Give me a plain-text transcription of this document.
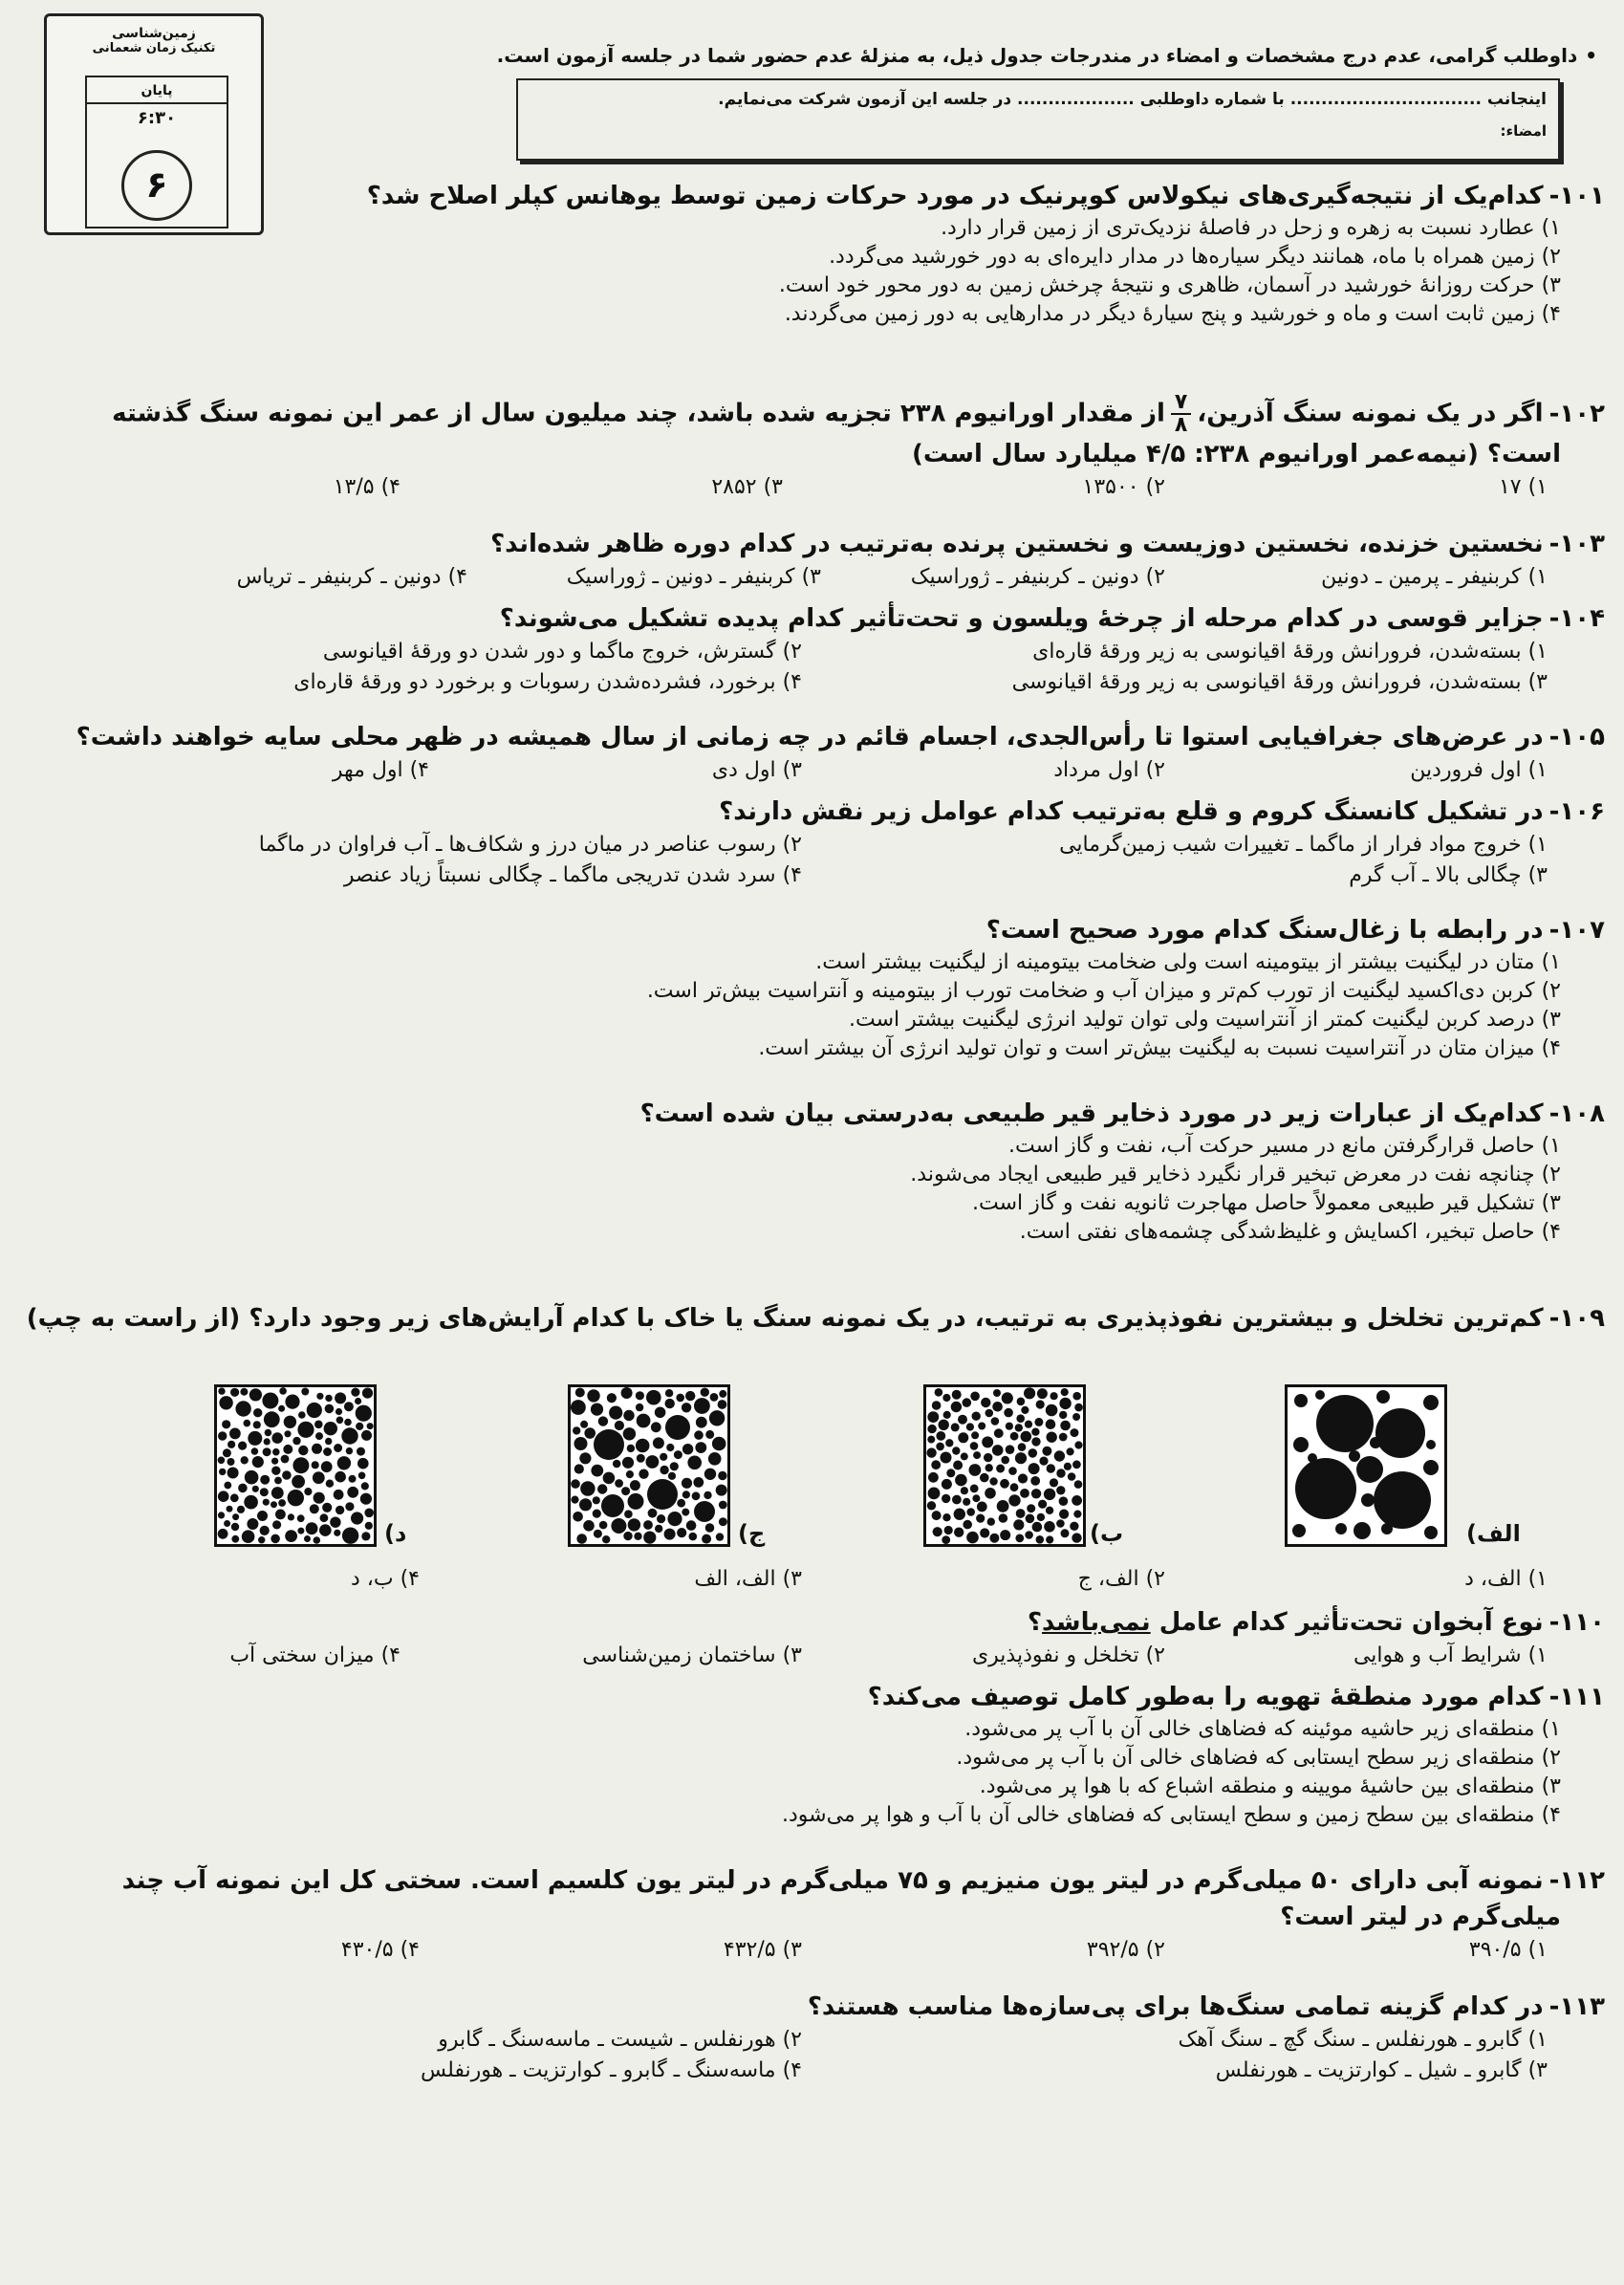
زمین‌شناسی
تکنیک زمان شعمانی
پایان
۶:۳۰
۶
•داوطلب گرامی، عدم درج مشخصات و امضاء در مندرجات جدول ذیل، به منزلهٔ عدم حضور شما در جلسه آزمون است.
اینجانب ............................... با شماره داوطلبی ................... در جلسه این آزمون شرکت می‌نمایم.
امضاء:
۱۰۱-کدام‌یک از نتیجه‌گیری‌های نیکولاس کوپرنیک در مورد حرکات زمین توسط یوهانس کپلر اصلاح شد؟
۱) عطارد نسبت به زهره و زحل در فاصلهٔ نزدیک‌تری از زمین قرار دارد.
۲) زمین همراه با ماه، همانند دیگر سیاره‌ها در مدار دایره‌ای به دور خورشید می‌گردد.
۳) حرکت روزانهٔ خورشید در آسمان، ظاهری و نتیجهٔ چرخش زمین به دور محور خود است.
۴) زمین ثابت است و ماه و خورشید و پنج سیارهٔ دیگر در مدارهایی به دور زمین می‌گردند.
۱۰۲-اگر در یک نمونه سنگ آذرین،
$\frac{۷}{۸}$
از مقدار اورانیوم ۲۳۸ تجزیه شده باشد، چند میلیون سال از عمر این نمونه سنگ گذشته
است؟ (نیمه‌عمر اورانیوم ۲۳۸: ۴/۵ میلیارد سال است)
۱) ۱۷
۲) ۱۳۵۰۰
۳) ۲۸۵۲
۴) ۱۳/۵
۱۰۳-نخستین خزنده، نخستین دوزیست و نخستین پرنده به‌ترتیب در کدام دوره ظاهر شده‌اند؟
۱) کربنیفر ـ پرمین ـ دونین
۲) دونین ـ کربنیفر ـ ژوراسیک
۳) کربنیفر ـ دونین ـ ژوراسیک
۴) دونین ـ کربنیفر ـ تریاس
۱۰۴-جزایر قوسی در کدام مرحله از چرخهٔ ویلسون و تحت‌تأثیر کدام پدیده تشکیل می‌شوند؟
۱) بسته‌شدن، فرورانش ورقهٔ اقیانوسی به زیر ورقهٔ قاره‌ای
۲) گسترش، خروج ماگما و دور شدن دو ورقهٔ اقیانوسی
۳) بسته‌شدن، فرورانش ورقهٔ اقیانوسی به زیر ورقهٔ اقیانوسی
۴) برخورد، فشرده‌شدن رسوبات و برخورد دو ورقهٔ قاره‌ای
۱۰۵-در عرض‌های جغرافیایی استوا تا رأس‌الجدی، اجسام قائم در چه زمانی از سال همیشه در ظهر محلی سایه خواهند داشت؟
۱) اول فروردین
۲) اول مرداد
۳) اول دی
۴) اول مهر
۱۰۶-در تشکیل کانسنگ کروم و قلع به‌ترتیب کدام عوامل زیر نقش دارند؟
۱) خروج مواد فرار از ماگما ـ تغییرات شیب زمین‌گرمایی
۲) رسوب عناصر در میان درز و شکاف‌ها ـ آب فراوان در ماگما
۳) چگالی بالا ـ آب گرم
۴) سرد شدن تدریجی ماگما ـ چگالی نسبتاً زیاد عنصر
۱۰۷-در رابطه با زغال‌سنگ کدام مورد صحیح است؟
۱) متان در لیگنیت بیشتر از بیتومینه است ولی ضخامت بیتومینه از لیگنیت بیشتر است.
۲) کربن دی‌اکسید لیگنیت از تورب کم‌تر و میزان آب و ضخامت تورب از بیتومینه و آنتراسیت بیش‌تر است.
۳) درصد کربن لیگنیت کمتر از آنتراسیت ولی توان تولید انرژی لیگنیت بیشتر است.
۴) میزان متان در آنتراسیت نسبت به لیگنیت بیش‌تر است و توان تولید انرژی آن بیشتر است.
۱۰۸-کدام‌یک از عبارات زیر در مورد ذخایر قیر طبیعی به‌درستی بیان شده است؟
۱) حاصل قرارگرفتن مانع در مسیر حرکت آب، نفت و گاز است.
۲) چنانچه نفت در معرض تبخیر قرار نگیرد ذخایر قیر طبیعی ایجاد می‌شوند.
۳) تشکیل قیر طبیعی معمولاً حاصل مهاجرت ثانویه نفت و گاز است.
۴) حاصل تبخیر، اکسایش و غلیظ‌شدگی چشمه‌های نفتی است.
۱۰۹-کم‌ترین تخلخل و بیشترین نفوذپذیری به ترتیب، در یک نمونه سنگ یا خاک با کدام آرایش‌های زیر وجود دارد؟ (از راست به چپ)
الف)
ب)
ج)
د)
۱) الف، د
۲) الف، ج
۳) الف، الف
۴) ب، د
۱۱۰-نوع آبخوان تحت‌تأثیر کدام عامل نمی‌باشد؟
۱) شرایط آب و هوایی
۲) تخلخل و نفوذپذیری
۳) ساختمان زمین‌شناسی
۴) میزان سختی آب
۱۱۱-کدام مورد منطقهٔ تهویه را به‌طور کامل توصیف می‌کند؟
۱) منطقه‌ای زیر حاشیه موئینه که فضاهای خالی آن با آب پر می‌شود.
۲) منطقه‌ای زیر سطح ایستابی که فضاهای خالی آن با آب پر می‌شود.
۳) منطقه‌ای بین حاشیهٔ مویینه و منطقه اشباع که با هوا پر می‌شود.
۴) منطقه‌ای بین سطح زمین و سطح ایستابی که فضاهای خالی آن با آب و هوا پر می‌شود.
۱۱۲-نمونه آبی دارای ۵۰ میلی‌گرم در لیتر یون منیزیم و ۷۵ میلی‌گرم در لیتر یون کلسیم است. سختی کل این نمونه آب چند
میلی‌گرم در لیتر است؟
۱) ۳۹۰/۵
۲) ۳۹۲/۵
۳) ۴۳۲/۵
۴) ۴۳۰/۵
۱۱۳-در کدام گزینه تمامی سنگ‌ها برای پی‌سازه‌ها مناسب هستند؟
۱) گابرو ـ هورنفلس ـ سنگ گچ ـ سنگ آهک
۲) هورنفلس ـ شیست ـ ماسه‌سنگ ـ گابرو
۳) گابرو ـ شیل ـ کوارتزیت ـ هورنفلس
۴) ماسه‌سنگ ـ گابرو ـ کوارتزیت ـ هورنفلس
